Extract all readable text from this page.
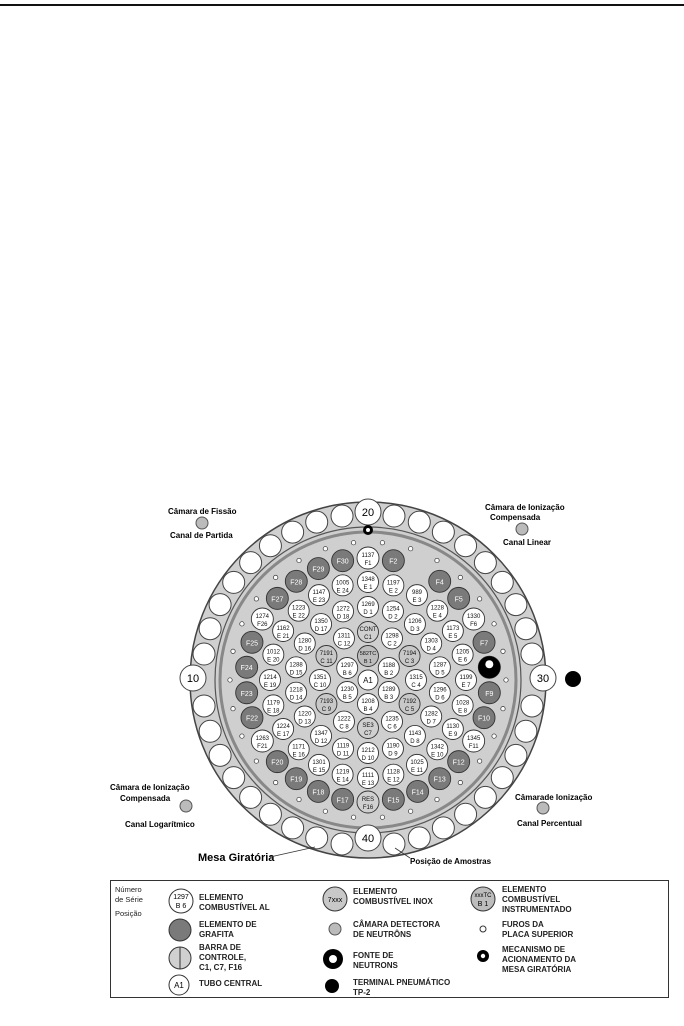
F2
F4
F5
F7
F9
F10
F12
F13
F14
F15
F17
F18
F19
F20
F22
F23
F24
F25
F27
F28
F29
F30
1137
F1
1330
F6
1345
F11
1263
F21
1274
F26
1348
E 1
1197
E 2 989
E 3
1228
E 4
1173
E 5
1205
E 6
1199
E 7
1028
E 8
1130
E 9
1342
E 10
1025
E 11
1128
E 12
1111
E 13
1219
E 14
1301
E 15
1171
E 16
1224
E 17
1179
E 18
1214
E 19
1012
E 20
1162
E 21
1223
E 22
1147
E 23
1005
E 24
1269
D 1
1254
D 2
1206
D 3
1303
D 4
1287
D 5
1296
D 6
1282
D 7
1143
D 8
1190
D 9
1212
D 10
1119
D 11
1347
D 12
1220
D 13
1218
D 14
1288
D 15
1280
D 16
1350
D 17
1272
D 18
1298
C 2
1315
C 4
1235
C 6
1222
C 8
1351
C 10
1311
C 12
1188
B 2
1289
B 3
1208
B 4
1230
B 5
1297
B 6
A1
RES
F16
CONT
C1
7194
C 3
7192
C 5
SE3
C7
7193
C 9
7191
C 11
582TC
B 1
20
10	30
40
Câmara de Fissão
Canal de Partida
Câmara de Ionização
Compensada
Canal Linear
Câmara de Ionização
Compensada
Canal Logarítmico
Câmarade Ionização
Canal Percentual
Mesa Giratória	Posição de Amostras
Número
de Série
Posição
1297
B 6
ELEMENTO
COMBUSTÍVEL AL
7xxx
ELEMENTO
COMBUSTÍVEL INOX
xxxTC
B 1
ELEMENTO
COMBUSTÍVEL
INSTRUMENTADO
ELEMENTO DE
GRAFITA
CÂMARA DETECTORA
DE NEUTRÔNS
FUROS DA
PLACA SUPERIOR
BARRA DE
CONTROLE,
C1, C7, F16
FONTE DE
NEUTRONS
MECANISMO DE
ACIONAMENTO DA
MESA GIRATÓRIA
A1 TUBO CENTRAL	TERMINAL PNEUMÁTICO
TP-2
